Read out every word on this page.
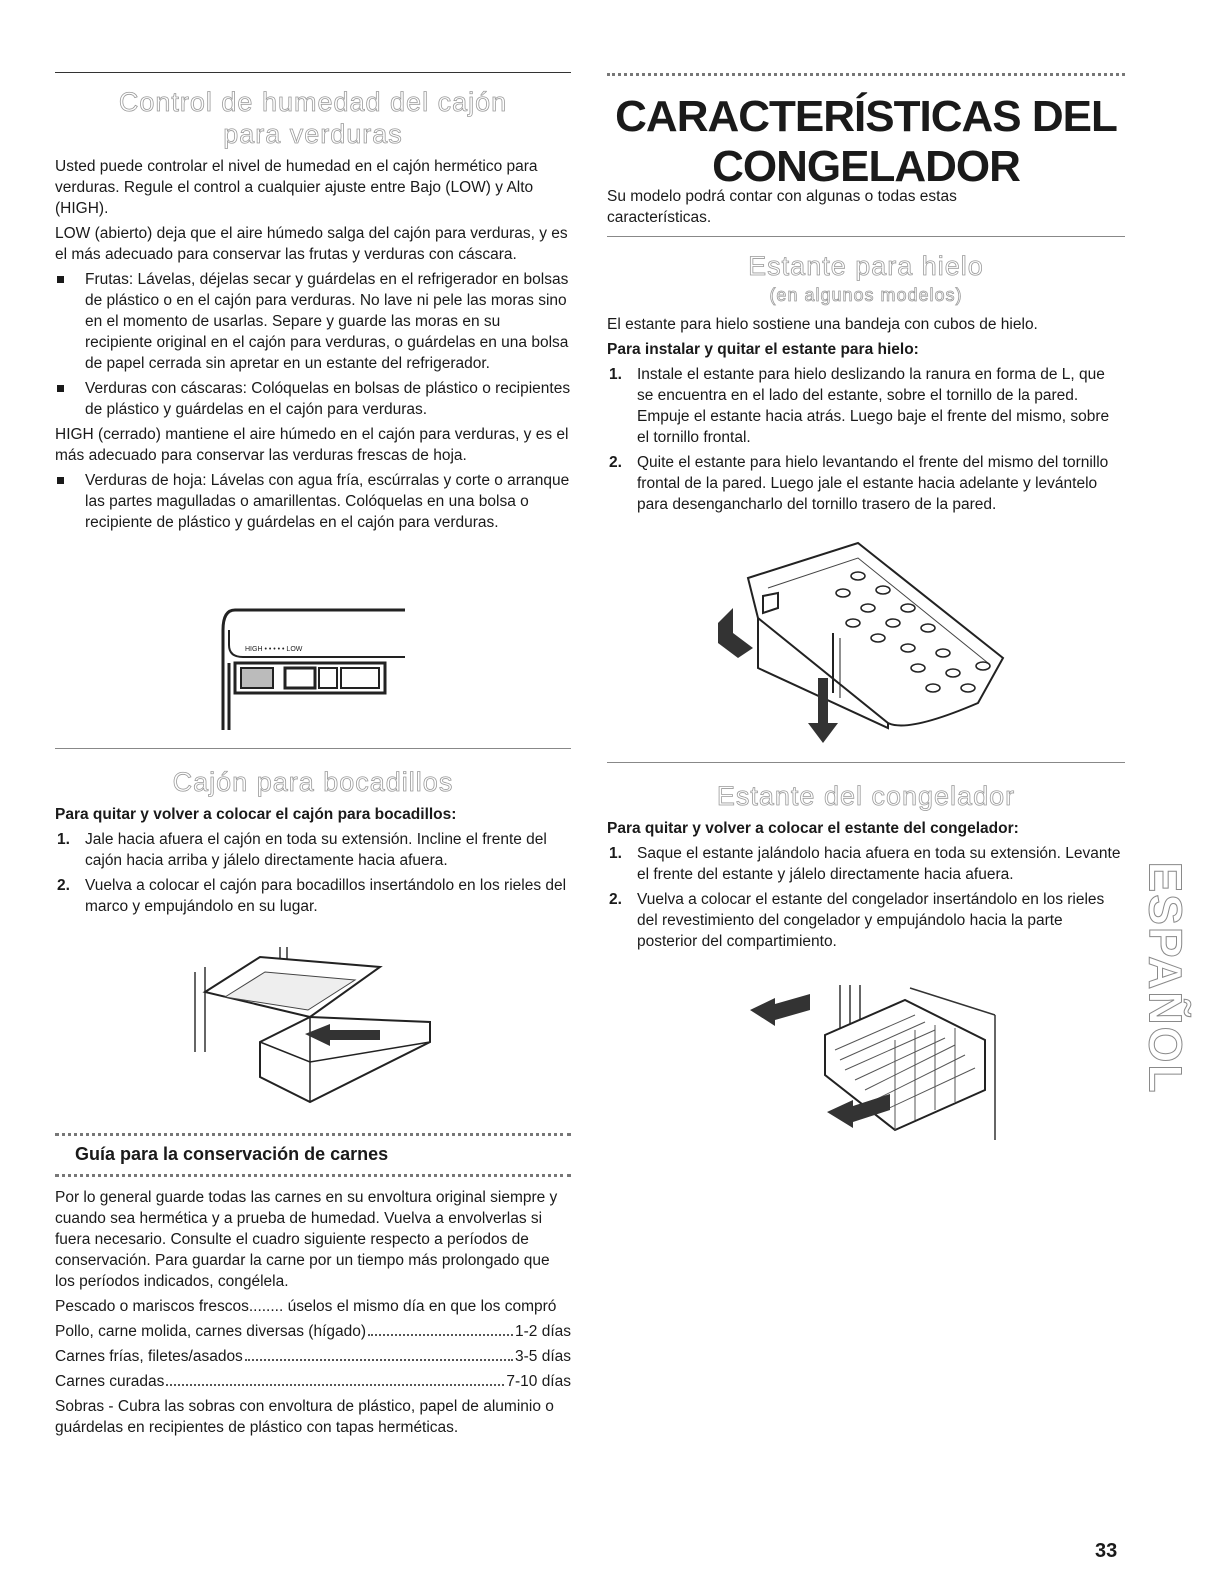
Control de humedad del cajón para verduras

Usted puede controlar el nivel de humedad en el cajón hermético para verduras. Regule el control a cualquier ajuste entre Bajo (LOW) y Alto (HIGH).

LOW (abierto) deja que el aire húmedo salga del cajón para verduras, y es el más adecuado para conservar las frutas y verduras con cáscara.

Frutas: Lávelas, déjelas secar y guárdelas en el refrigerador en bolsas de plástico o en el cajón para verduras. No lave ni pele las moras sino en el momento de usarlas. Separe y guarde las moras en su recipiente original en el cajón para verduras, o guárdelas en una bolsa de papel cerrada sin apretar en un estante del refrigerador.

Verduras con cáscaras: Colóquelas en bolsas de plástico o recipientes de plástico y guárdelas en el cajón para verduras.

HIGH (cerrado) mantiene el aire húmedo en el cajón para verduras, y es el más adecuado para conservar las verduras frescas de hoja.

Verduras de hoja: Lávelas con agua fría, escúrralas y corte o arranque las partes magulladas o amarillentas. Colóquelas en una bolsa o recipiente de plástico y guárdelas en el cajón para verduras.

HIGH • • • • • LOW
Cajón para bocadillos

Para quitar y volver a colocar el cajón para bocadillos:

1. Jale hacia afuera el cajón en toda su extensión. Incline el frente del cajón hacia arriba y jálelo directamente hacia afuera.
2. Vuelva a colocar el cajón para bocadillos insertándolo en los rieles del marco y empujándolo en su lugar.

Guía para la conservación de carnes

Por lo general guarde todas las carnes en su envoltura original siempre y cuando sea hermética y a prueba de humedad. Vuelva a envolverlas si fuera necesario. Consulte el cuadro siguiente respecto a períodos de conservación. Para guardar la carne por un tiempo más prolongado que los períodos indicados, congélela.

Pescado o mariscos frescos........ úselos el mismo día en que los compró

Pollo, carne molida, carnes diversas (hígado)	1-2 días
Carnes frías, filetes/asados	3-5 días
Carnes curadas	7-10 días

Sobras - Cubra las sobras con envoltura de plástico, papel de aluminio o guárdelas en recipientes de plástico con tapas herméticas.

CARACTERÍSTICAS DEL
CONGELADOR

Su modelo podrá contar con algunas o todas estas características.

Estante para hielo

(en algunos modelos)

El estante para hielo sostiene una bandeja con cubos de hielo.

Para instalar y quitar el estante para hielo:

1. Instale el estante para hielo deslizando la ranura en forma de L, que se encuentra en el lado del estante, sobre el tornillo de la pared. Empuje el estante hacia atrás. Luego baje el frente del mismo, sobre el tornillo frontal.
2. Quite el estante para hielo levantando el frente del mismo del tornillo frontal de la pared. Luego jale el estante hacia adelante y levántelo para desengancharlo del tornillo trasero de la pared.
Estante del congelador

Para quitar y volver a colocar el estante del congelador:

1. Saque el estante jalándolo hacia afuera en toda su extensión. Levante el frente del estante y jálelo directamente hacia afuera.
2. Vuelva a colocar el estante del congelador insertándolo en los rieles del revestimiento del congelador y empujándolo hacia la parte posterior del compartimiento.	ESPAÑOL
33
